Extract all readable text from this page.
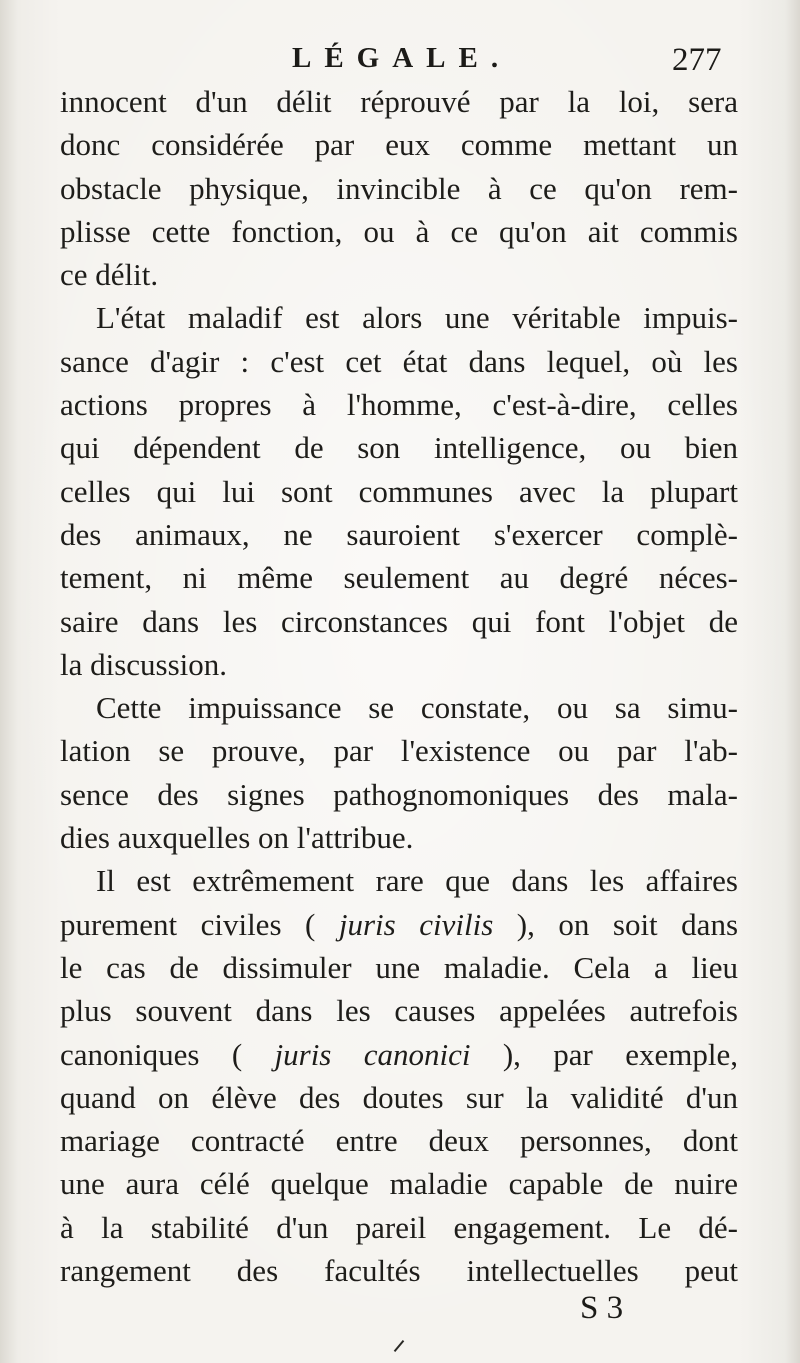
LÉGALE.	277
innocent d'un délit réprouvé par la loi, sera
donc considérée par eux comme mettant un
obstacle physique, invincible à ce qu'on rem-
plisse cette fonction, ou à ce qu'on ait commis
ce délit.
L'état maladif est alors une véritable impuis-
sance d'agir : c'est cet état dans lequel, où les
actions propres à l'homme, c'est-à-dire, celles
qui dépendent de son intelligence, ou bien
celles qui lui sont communes avec la plupart
des animaux, ne sauroient s'exercer complè-
tement, ni même seulement au degré néces-
saire dans les circonstances qui font l'objet de
la discussion.
Cette impuissance se constate, ou sa simu-
lation se prouve, par l'existence ou par l'ab-
sence des signes pathognomoniques des mala-
dies auxquelles on l'attribue.
Il est extrêmement rare que dans les affaires
purement civiles ( juris civilis ), on soit dans
le cas de dissimuler une maladie. Cela a lieu
plus souvent dans les causes appelées autrefois
canoniques ( juris canonici ), par exemple,
quand on élève des doutes sur la validité d'un
mariage contracté entre deux personnes, dont
une aura célé quelque maladie capable de nuire
à la stabilité d'un pareil engagement. Le dé-
rangement des facultés intellectuelles peut
S 3
